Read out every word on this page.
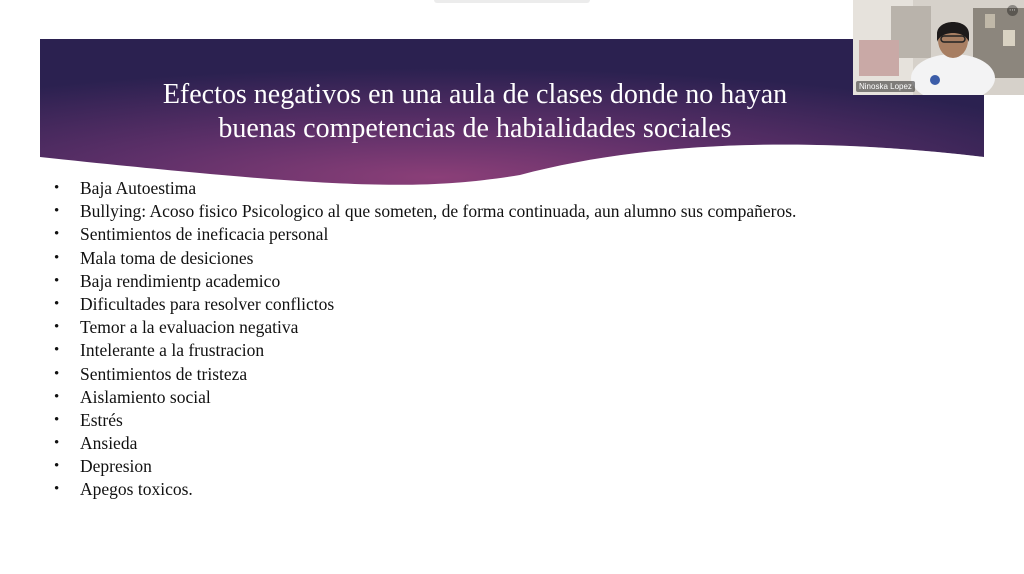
Efectos negativos en una aula de clases donde no hayan
buenas competencias de habialidades sociales
• Baja Autoestima
• Bullying: Acoso fisico Psicologico al que someten, de forma continuada, aun alumno sus compañeros.
• Sentimientos de ineficacia personal
• Mala toma de desiciones
• Baja rendimientp academico
• Dificultades para resolver conflictos
• Temor a la evaluacion negativa
• Intelerante a la frustracion
• Sentimientos de tristeza
• Aislamiento social
• Estrés
• Ansieda
• Depresion
• Apegos toxicos.
⋯
Ninoska Lopez
